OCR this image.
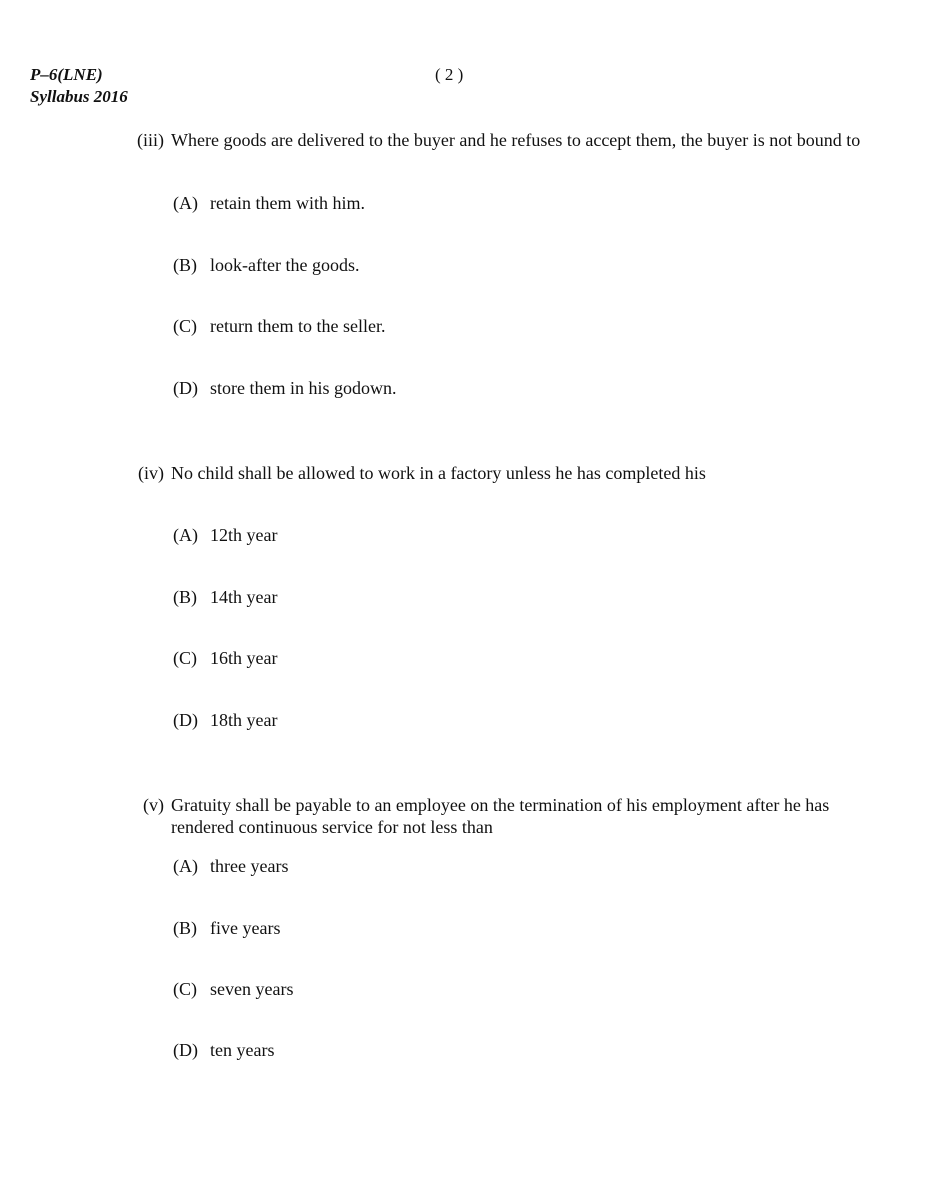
P–6(LNE)
Syllabus 2016
( 2 )
(iii) Where goods are delivered to the buyer and he refuses to accept them, the buyer is not bound to
(A) retain them with him.
(B) look-after the goods.
(C) return them to the seller.
(D) store them in his godown.
(iv) No child shall be allowed to work in a factory unless he has completed his
(A) 12th year
(B) 14th year
(C) 16th year
(D) 18th year
(v) Gratuity shall be payable to an employee on the termination of his employment after he has rendered continuous service for not less than
(A) three years
(B) five years
(C) seven years
(D) ten years
